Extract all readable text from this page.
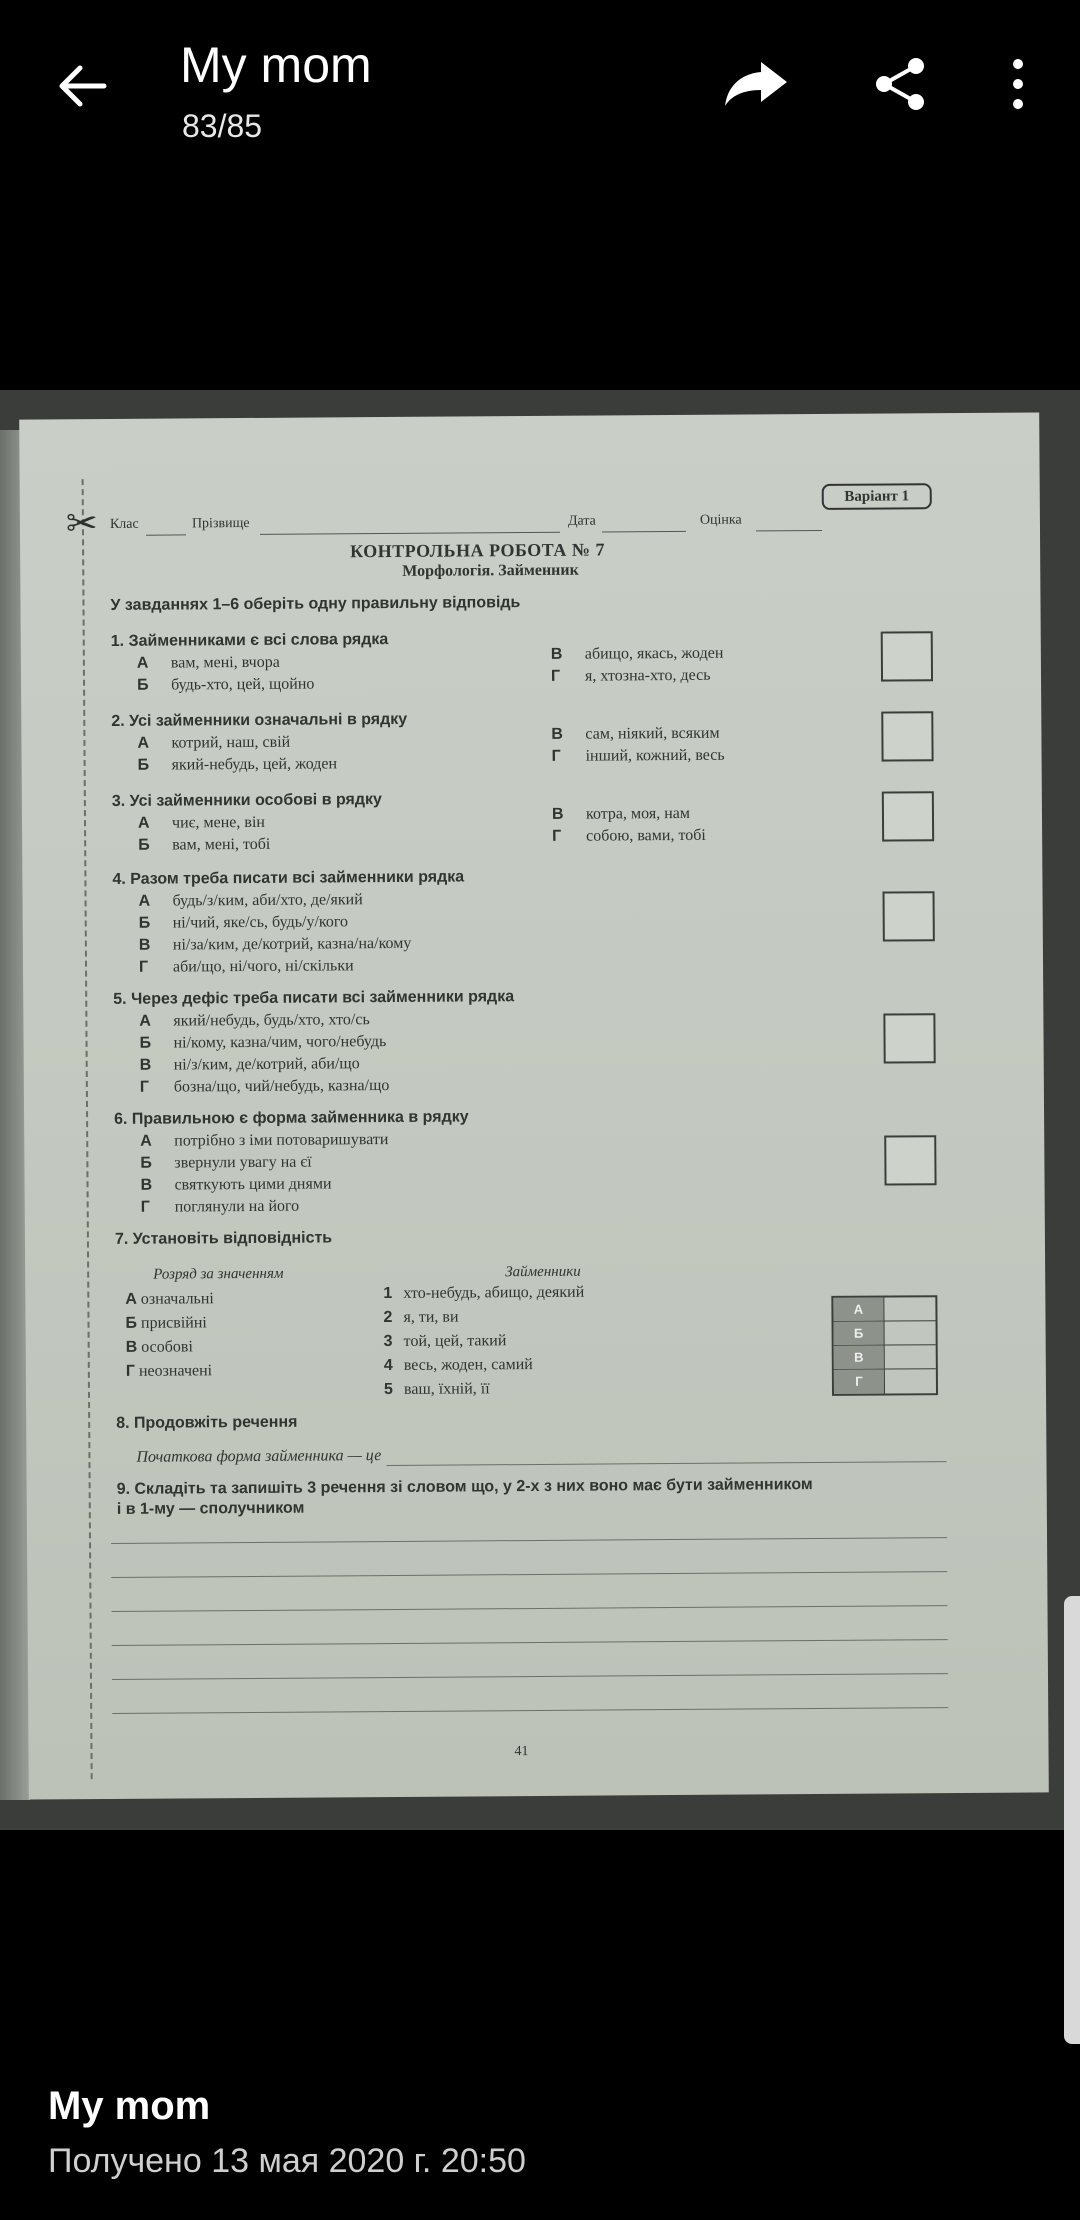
My mom
83/85
✂ Клас	Прізвище	Дата	Оцінка
Варіант 1
КОНТРОЛЬНА РОБОТА № 7
Морфологія. Займенник
У завданнях 1–6 оберіть одну правильну відповідь
1. Займенниками є всі слова рядка
А вам, мені, вчора
Б будь-хто, цей, щойно
В абищо, якась, жоден
Г я, хтозна-хто, десь
2. Усі займенники означальні в рядку
А котрий, наш, свій
Б який-небудь, цей, жоден
В сам, ніякий, всяким
Г інший, кожний, весь
3. Усі займенники особові в рядку
А чиє, мене, він
Б вам, мені, тобі
В котра, моя, нам
Г собою, вами, тобі
4. Разом треба писати всі займенники рядка
А будь/з/ким, аби/хто, де/який
Б ні/чий, яке/сь, будь/у/кого
В ні/за/ким, де/котрий, казна/на/кому
Г аби/що, ні/чого, ні/скільки
5. Через дефіс треба писати всі займенники рядка
А який/небудь, будь/хто, хто/сь
Б ні/кому, казна/чим, чого/небудь
В ні/з/ким, де/котрий, аби/що
Г бозна/що, чий/небудь, казна/що
6. Правильною є форма займенника в рядку
А потрібно з іми потоваришувати
Б звернули увагу на єї
В святкують цими днями
Г поглянули на його
7. Установіть відповідність
Розряд за значенням	Займенники
А означальні
Б присвійні
В особові
Г неозначені
1 хто-небудь, абищо, деякий
2 я, ти, ви
3 той, цей, такий
4 весь, жоден, самий
5 ваш, їхній, її
А
Б
В
Г
8. Продовжіть речення
Початкова форма займенника — це
9. Складіть та запишіть 3 речення зі словом що, у 2-х з них воно має бути займенником
і в 1-му — сполучником
41
My mom
Получено 13 мая 2020 г. 20:50
